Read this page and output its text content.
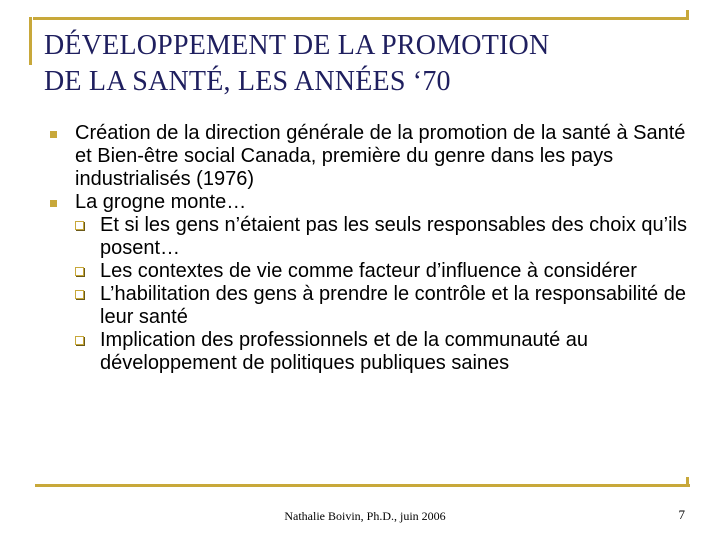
DÉVELOPPEMENT DE LA PROMOTION
DE LA SANTÉ, LES ANNÉES ‘70
Création de la direction générale de la promotion de la santé à Santé et Bien-être social Canada, première du genre dans les pays industrialisés (1976)
La grogne monte…
Et si les gens n’étaient pas les seuls responsables des choix qu’ils posent…
Les contextes de vie comme facteur d’influence à considérer
L’habilitation des gens à prendre le contrôle et la responsabilité de leur santé
Implication des professionnels et de la communauté au développement de politiques publiques saines
Nathalie Boivin, Ph.D., juin 2006	7
